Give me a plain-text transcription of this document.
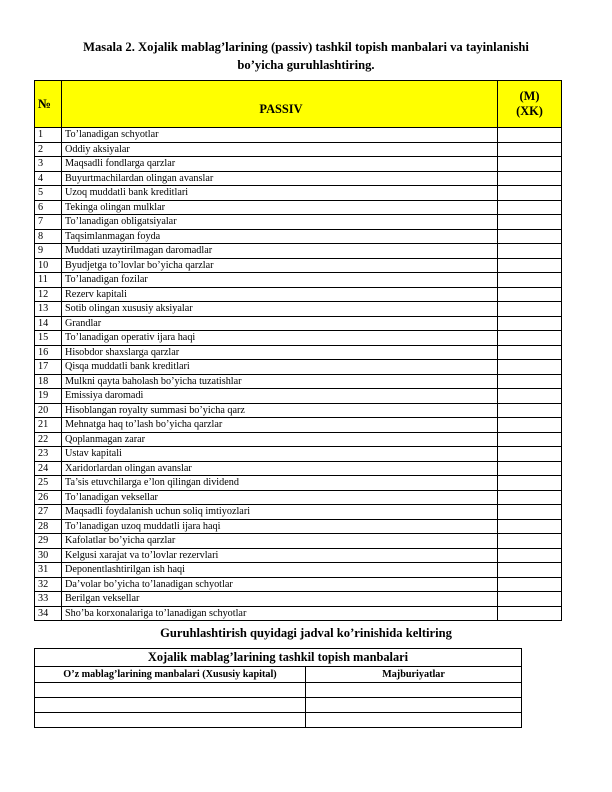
Masala 2. Xojalik mablag’larining (passiv) tashkil topish manbalari va tayinlanishi
bo’yicha guruhlashtiring.
№	PASSIV	(M)
(XK)

1	To’lanadigan schyotlar	
2	Oddiy aksiyalar	
3	Maqsadli fondlarga qarzlar	
4	Buyurtmachilardan olingan avanslar	
5	Uzoq muddatli bank kreditlari	
6	Tekinga olingan mulklar	
7	To’lanadigan obligatsiyalar	
8	Taqsimlanmagan foyda	
9	Muddati uzaytirilmagan daromadlar	
10	Byudjetga to’lovlar bo’yicha qarzlar	
11	To’lanadigan fozilar	
12	Rezerv kapitali	
13	Sotib olingan xususiy aksiyalar	
14	Grandlar	
15	To’lanadigan operativ ijara haqi	
16	Hisobdor shaxslarga qarzlar	
17	Qisqa muddatli bank kreditlari	
18	Mulkni qayta baholash bo’yicha tuzatishlar	
19	Emissiya daromadi	
20	Hisoblangan royalty summasi bo’yicha qarz	
21	Mehnatga haq to’lash bo’yicha qarzlar	
22	Qoplanmagan zarar	
23	Ustav kapitali	
24	Xaridorlardan olingan avanslar	
25	Ta’sis etuvchilarga e’lon qilingan dividend	
26	To’lanadigan veksellar	
27	Maqsadli foydalanish uchun soliq imtiyozlari	
28	To’lanadigan uzoq muddatli ijara haqi	
29	Kafolatlar bo’yicha qarzlar	
30	Kelgusi xarajat va to’lovlar rezervlari	
31	Deponentlashtirilgan ish haqi	
32	Da’volar bo’yicha to’lanadigan schyotlar	
33	Berilgan veksellar	
34	Sho’ba korxonalariga to’lanadigan schyotlar	
Guruhlashtirish quyidagi jadval ko’rinishida keltiring
Xojalik mablag’larining tashkil topish manbalari	
O’z mablag’larining manbalari (Xususiy kapital)	Majburiyatlar
